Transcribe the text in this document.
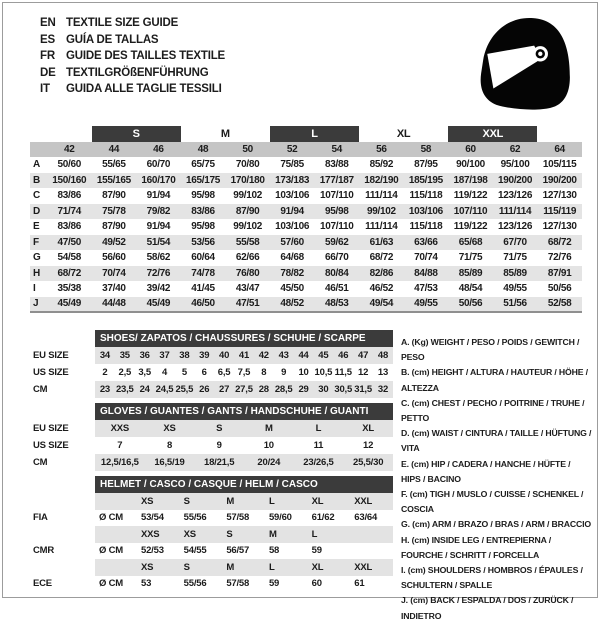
EN TEXTILE SIZE GUIDE
ES GUÍA DE TALLAS
FR GUIDE DES TAILLES TEXTILE
DE TEXTILGRÖßENFÜHRUNG
IT	GUIDA ALLE TAGLIE TESSILI
		S		M		L		XL		XXL		
	42	44	46	48	50	52	54	56	58	60	62	64
A	50/60	55/65	60/70	65/75	70/80	75/85	83/88	85/92	87/95	90/100	95/100	105/115
B	150/160	155/165	160/170	165/175	170/180	173/183	177/187	182/190	185/195	187/198	190/200	190/200
C	83/86	87/90	91/94	95/98	99/102	103/106	107/110	111/114	115/118	119/122	123/126	127/130
D	71/74	75/78	79/82	83/86	87/90	91/94	95/98	99/102	103/106	107/110	111/114	115/119
E	83/86	87/90	91/94	95/98	99/102	103/106	107/110	111/114	115/118	119/122	123/126	127/130
F	47/50	49/52	51/54	53/56	55/58	57/60	59/62	61/63	63/66	65/68	67/70	68/72
G	54/58	56/60	58/62	60/64	62/66	64/68	66/70	68/72	70/74	71/75	71/75	72/76
H	68/72	70/74	72/76	74/78	76/80	78/82	80/84	82/86	84/88	85/89	85/89	87/91
I	35/38	37/40	39/42	41/45	43/47	45/50	46/51	46/52	47/53	48/54	49/55	50/56
J	45/49	44/48	45/49	46/50	47/51	48/52	48/53	49/54	49/55	50/56	51/56	52/58
	SHOES/ ZAPATOS / CHAUSSURES / SCHUHE / SCARPE														
EU SIZE	34	35	36	37	38	39	40	41	42	43	44	45	46	47	48
US SIZE	2	2,5	3,5	4	5	6	6,5	7,5	8	9	10	10,5	11,5	12	13
CM	23	23,5	24	24,5	25,5	26	27	27,5	28	28,5	29	30	30,5	31,5	32
	GLOVES / GUANTES / GANTS / HANDSCHUHE / GUANTI					
EU SIZE	XXS	XS	S	M	L	XL
US SIZE	7	8	9	10	11	12
CM	12,5/16,5	16,5/19	18/21,5	20/24	23/26,5	25,5/30
	HELMET / CASCO / CASQUE / HELM / CASCO						
		XS	S	M	L	XL	XXL
FIA	Ø CM	53/54	55/56	57/58	59/60	61/62	63/64
		XXS	XS	S	M	L	
CMR	Ø CM	52/53	54/55	56/57	58	59	
		XS	S	M	L	XL	XXL
ECE	Ø CM	53	55/56	57/58	59	60	61
A. (Kg) WEIGHT / PESO / POIDS / GEWITCH / PESO
B. (cm) HEIGHT / ALTURA / HAUTEUR / HÖHE / ALTEZZA
C. (cm) CHEST / PECHO / POITRINE / TRUHE / PETTO
D. (cm) WAIST / CINTURA / TAILLE / HÜFTUNG / VITA
E. (cm) HIP / CADERA / HANCHE / HÜFTE / HIPS / BACINO
F. (cm) TIGH / MUSLO / CUISSE / SCHENKEL / COSCIA
G. (cm) ARM / BRAZO / BRAS / ARM / BRACCIO
H. (cm) INSIDE LEG / ENTREPIERNA / FOURCHE / SCHRITT / FORCELLA
I. (cm) SHOULDERS / HOMBROS / ÉPAULES / SCHULTERN / SPALLE
J. (cm) BACK / ESPALDA / DOS / ZURÜCK / INDIETRO
